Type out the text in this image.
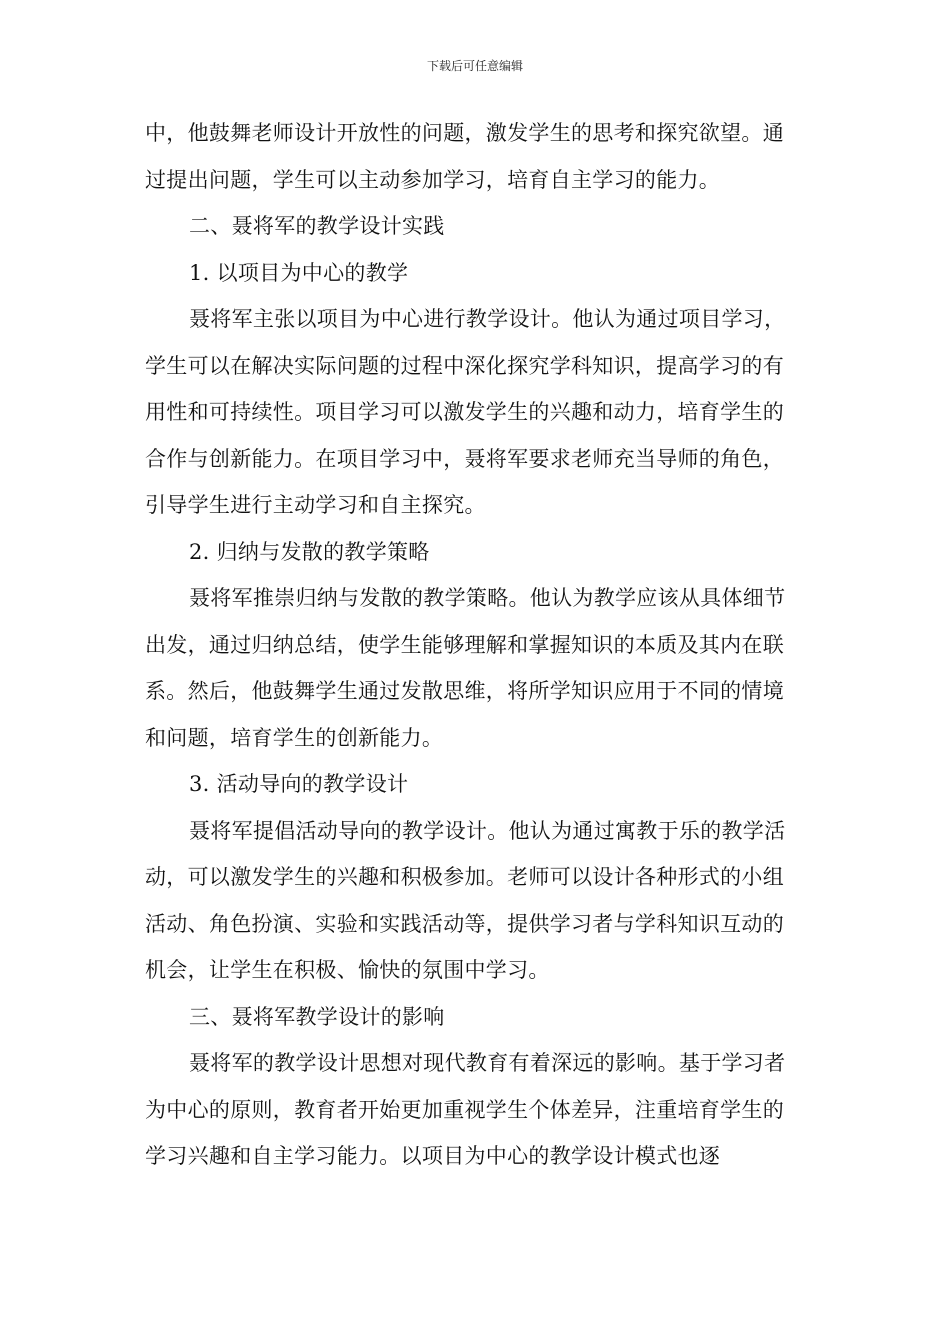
下载后可任意编辑

中，他鼓舞老师设计开放性的问题，激发学生的思考和探究欲望。通过提出问题，学生可以主动参加学习，培育自主学习的能力。

二、聂将军的教学设计实践

1. 以项目为中心的教学

聂将军主张以项目为中心进行教学设计。他认为通过项目学习，学生可以在解决实际问题的过程中深化探究学科知识，提高学习的有用性和可持续性。项目学习可以激发学生的兴趣和动力，培育学生的合作与创新能力。在项目学习中，聂将军要求老师充当导师的角色，引导学生进行主动学习和自主探究。

2. 归纳与发散的教学策略

聂将军推崇归纳与发散的教学策略。他认为教学应该从具体细节出发，通过归纳总结，使学生能够理解和掌握知识的本质及其内在联系。然后，他鼓舞学生通过发散思维，将所学知识应用于不同的情境和问题，培育学生的创新能力。

3. 活动导向的教学设计

聂将军提倡活动导向的教学设计。他认为通过寓教于乐的教学活动，可以激发学生的兴趣和积极参加。老师可以设计各种形式的小组活动、角色扮演、实验和实践活动等，提供学习者与学科知识互动的机会，让学生在积极、愉快的氛围中学习。

三、聂将军教学设计的影响

聂将军的教学设计思想对现代教育有着深远的影响。基于学习者为中心的原则，教育者开始更加重视学生个体差异，注重培育学生的学习兴趣和自主学习能力。以项目为中心的教学设计模式也逐
